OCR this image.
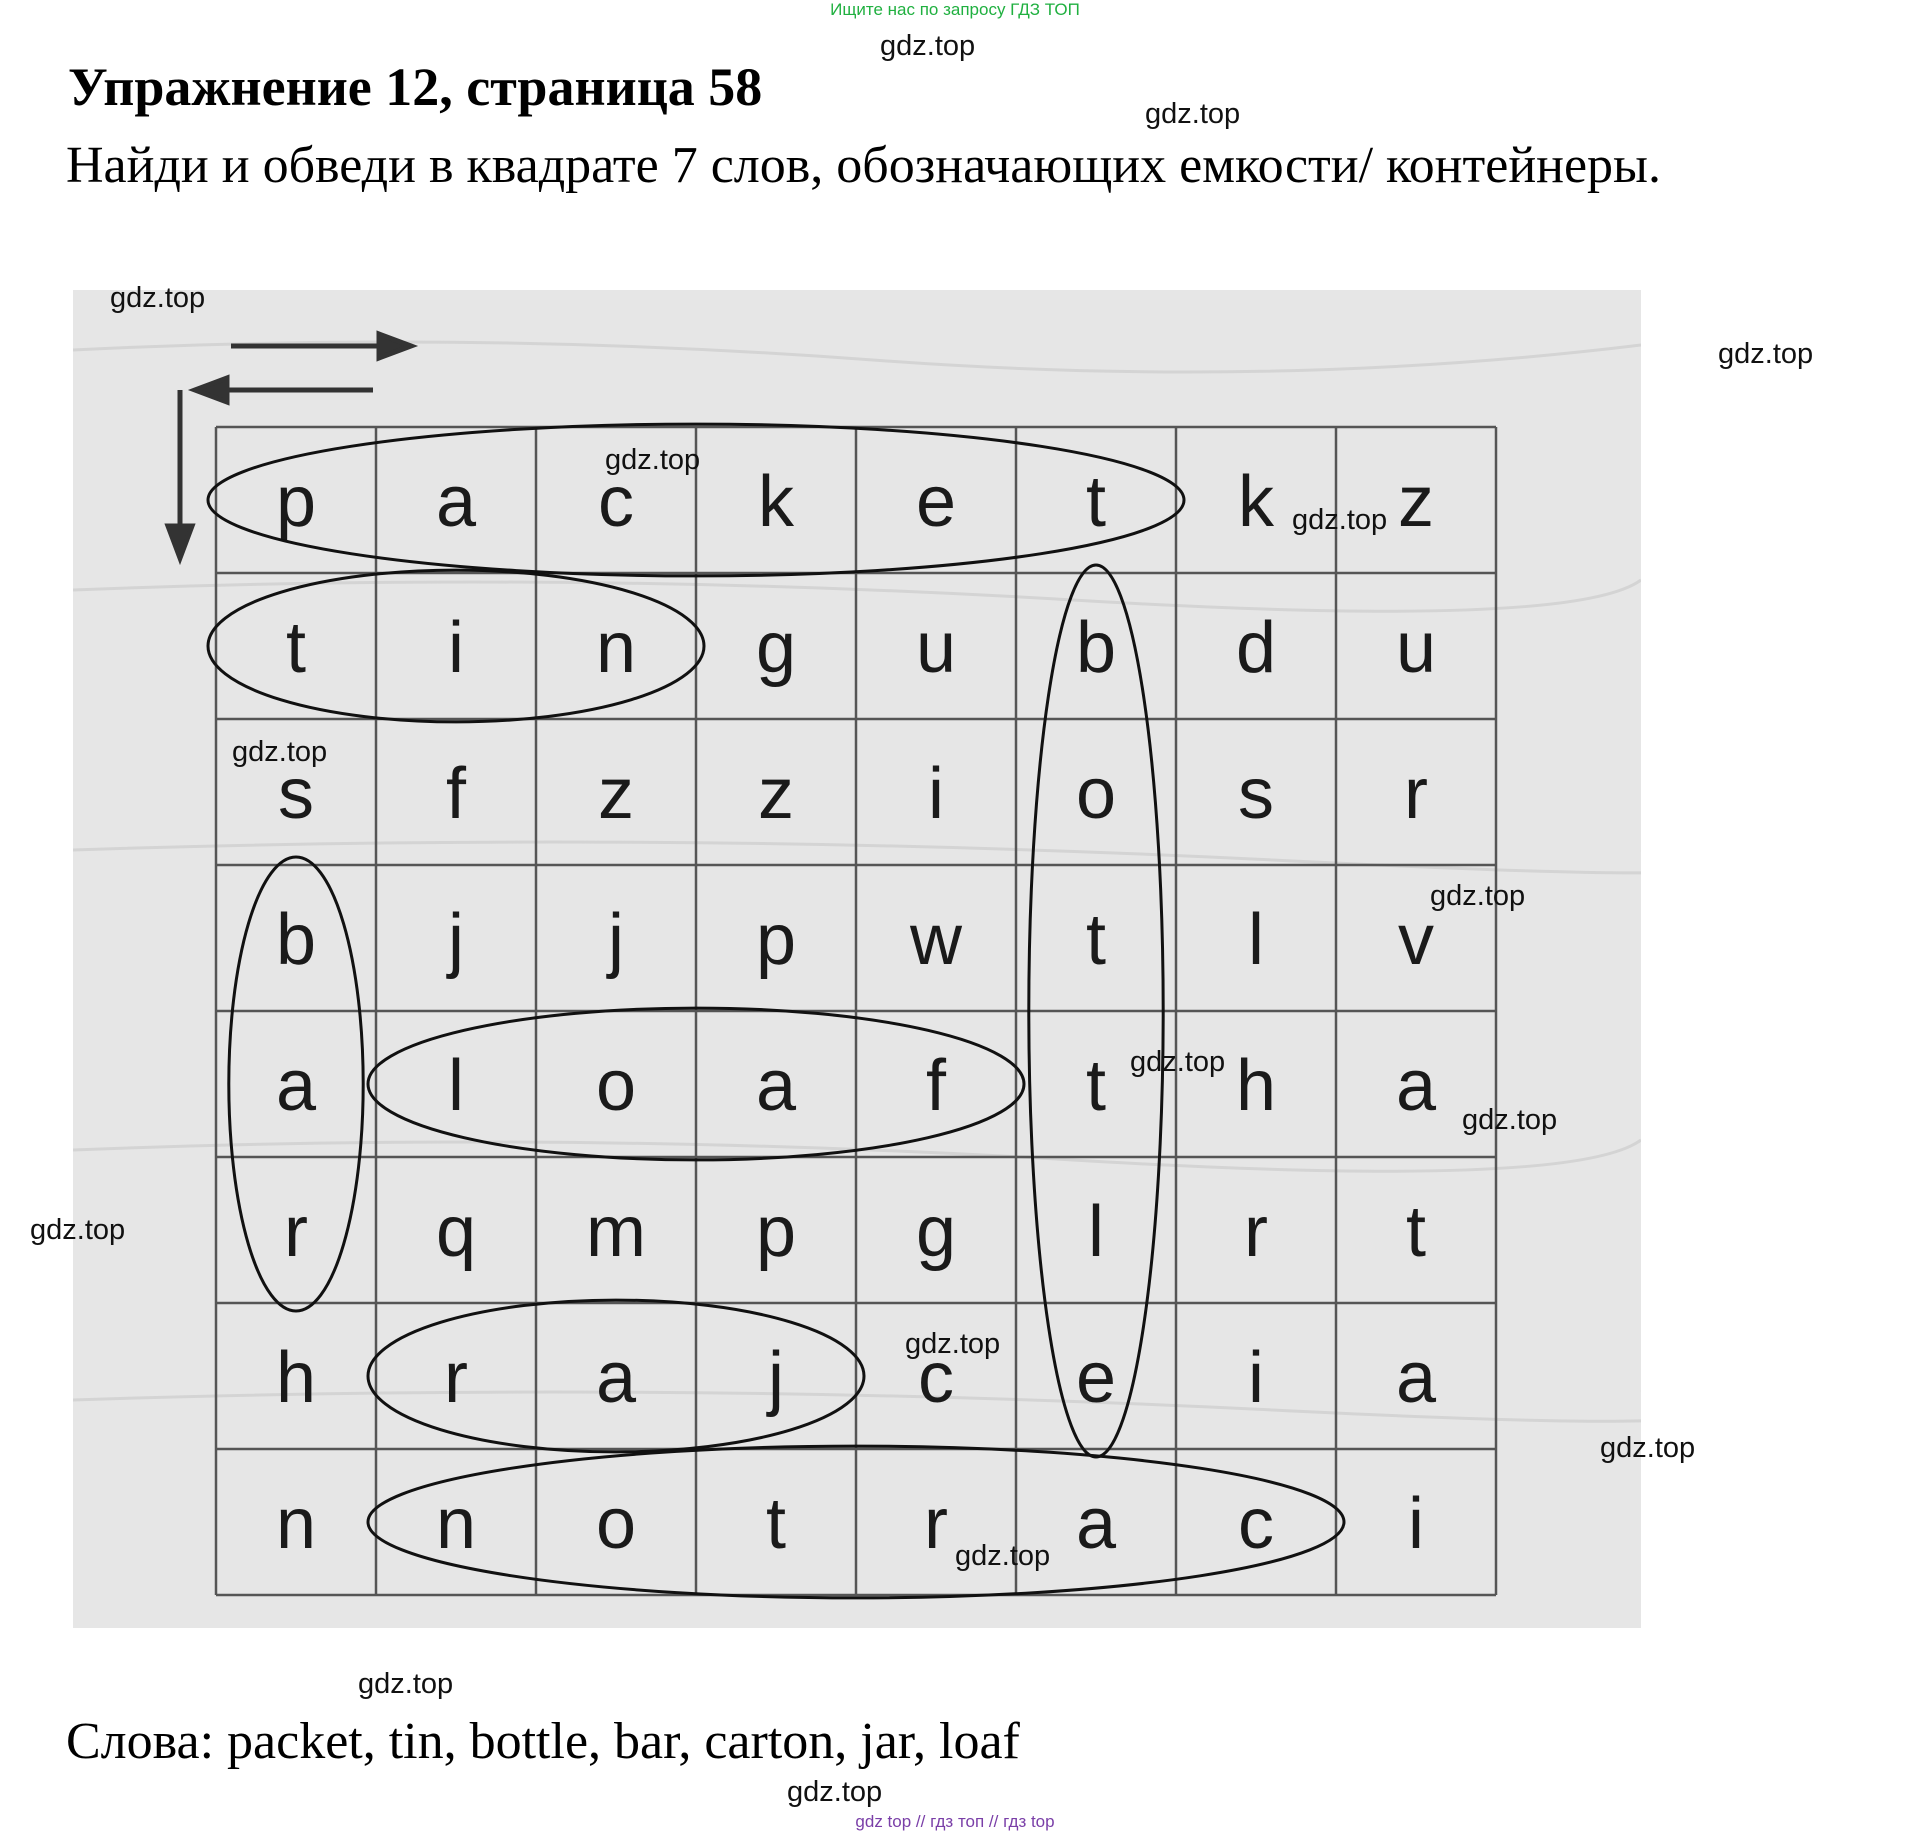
Ищите нас по запросу ГДЗ ТОП
Упражнение 12, страница 58
Найди и обведи в квадрате 7 слов, обозначающих емкости/ контейнеры.
p a c k e t k z
t i n g u b d u
s f z z i o s r
b j j p w t l v
a l o a f t h a
r q m p g l r t
h r a j c e i a
n n o t r a c i
Слова: packet, tin, bottle, bar, carton, jar, loaf
gdz.top
gdz.top
gdz.top
gdz.top
gdz.top
gdz.top
gdz.top
gdz.top
gdz.top
gdz.top
gdz.top
gdz.top
gdz.top
gdz.top
gdz.top
gdz.top
gdz top // гдз топ // гдз top
